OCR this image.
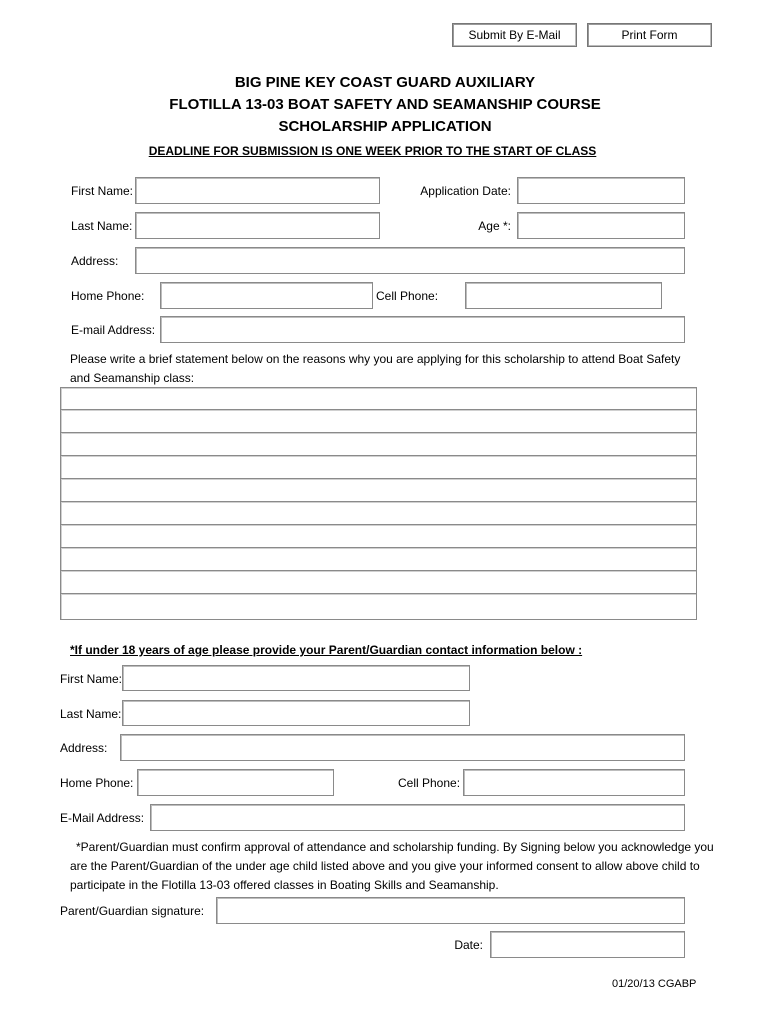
Submit By E-Mail	Print Form
BIG PINE KEY COAST GUARD AUXILIARY
FLOTILLA 13-03 BOAT SAFETY AND SEAMANSHIP COURSE
SCHOLARSHIP APPLICATION
DEADLINE FOR SUBMISSION IS ONE WEEK PRIOR TO THE START OF CLASS
First Name:	Application Date:
Last Name:	Age *:
Address:
Home Phone:	Cell Phone:
E-mail Address:
Please write a brief statement below on the reasons why you are applying for this scholarship to attend Boat Safety and Seamanship class:
*If under 18 years of age please provide your Parent/Guardian contact information below :
First Name:
Last Name:
Address:
Home Phone:	Cell Phone:
E-Mail Address:
*Parent/Guardian must confirm approval of attendance and scholarship funding. By Signing below you acknowledge you are the Parent/Guardian of the under age child listed above and you give your informed consent to allow above child to participate in the Flotilla 13-03 offered classes in Boating Skills and Seamanship.
Parent/Guardian signature:
Date:
01/20/13 CGABP
